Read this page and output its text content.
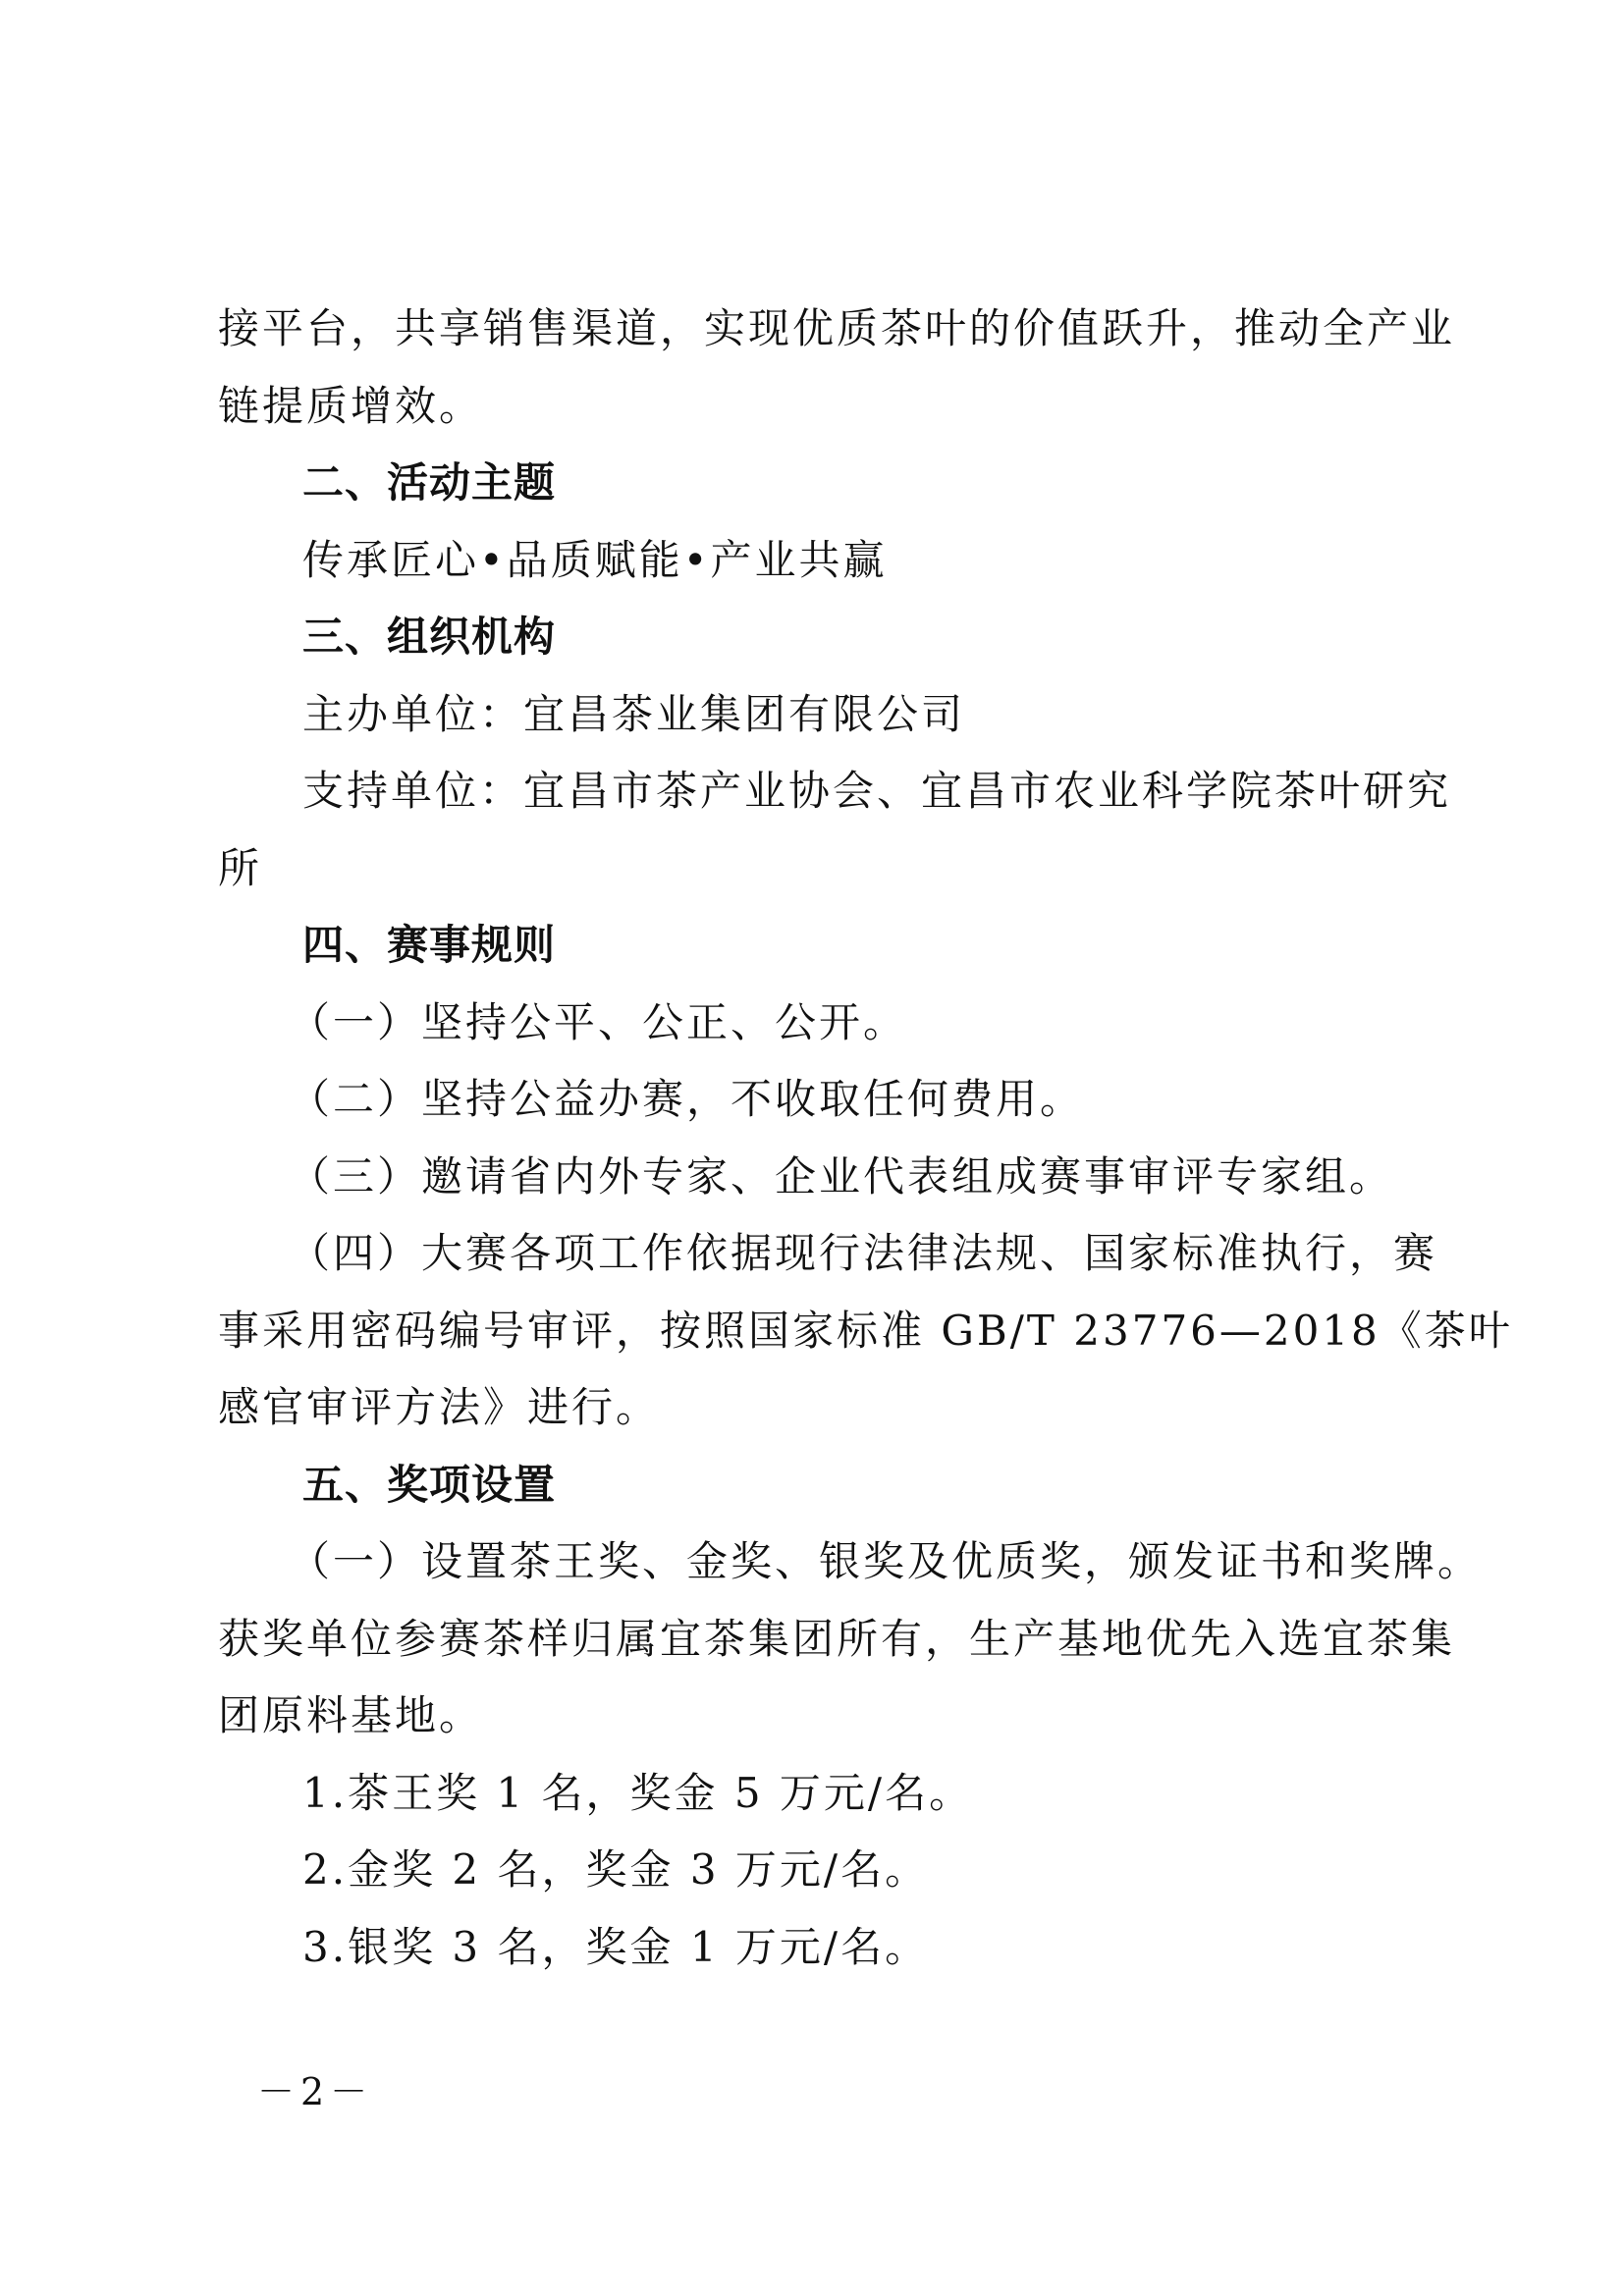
接平台，共享销售渠道，实现优质茶叶的价值跃升，推动全产业
链提质增效。
二、活动主题
传承匠心•品质赋能•产业共赢
三、组织机构
主办单位：宜昌茶业集团有限公司
支持单位：宜昌市茶产业协会、宜昌市农业科学院茶叶研究
所
四、赛事规则
（一）坚持公平、公正、公开。
（二）坚持公益办赛，不收取任何费用。
（三）邀请省内外专家、企业代表组成赛事审评专家组。
（四）大赛各项工作依据现行法律法规、国家标准执行，赛
事采用密码编号审评，按照国家标准 GB/T 23776—2018《茶叶
感官审评方法》进行。
五、奖项设置
（一）设置茶王奖、金奖、银奖及优质奖，颁发证书和奖牌。
获奖单位参赛茶样归属宜茶集团所有，生产基地优先入选宜茶集
团原料基地。
1.茶王奖 1 名，奖金 5 万元/名。
2.金奖 2 名，奖金 3 万元/名。
3.银奖 3 名，奖金 1 万元/名。
－2－
